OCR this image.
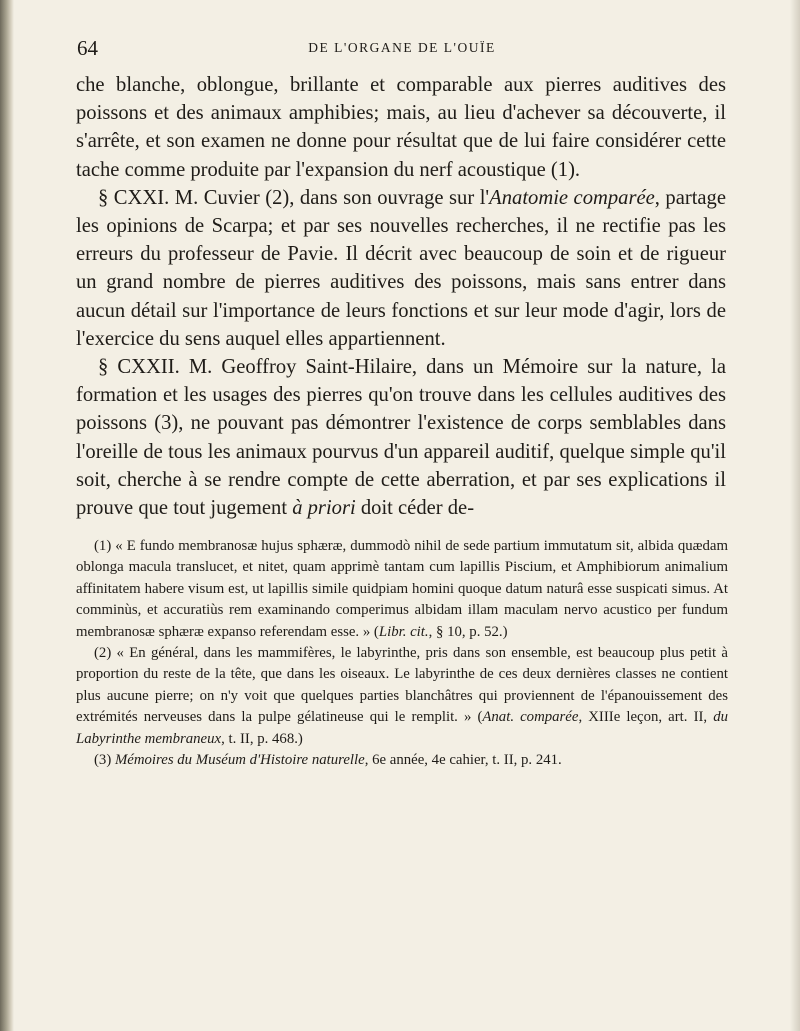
64	DE L'ORGANE DE L'OUÏE

che blanche, oblongue, brillante et comparable aux pierres auditives des poissons et des animaux amphibies; mais, au lieu d'achever sa découverte, il s'arrête, et son examen ne donne pour résultat que de lui faire considérer cette tache comme produite par l'expansion du nerf acoustique (1).

§ CXXI. M. Cuvier (2), dans son ouvrage sur l'Anatomie comparée, partage les opinions de Scarpa; et par ses nouvelles recherches, il ne rectifie pas les erreurs du professeur de Pavie. Il décrit avec beaucoup de soin et de rigueur un grand nombre de pierres auditives des poissons, mais sans entrer dans aucun détail sur l'importance de leurs fonctions et sur leur mode d'agir, lors de l'exercice du sens auquel elles appartiennent.

§ CXXII. M. Geoffroy Saint-Hilaire, dans un Mémoire sur la nature, la formation et les usages des pierres qu'on trouve dans les cellules auditives des poissons (3), ne pouvant pas démontrer l'existence de corps semblables dans l'oreille de tous les animaux pourvus d'un appareil auditif, quelque simple qu'il soit, cherche à se rendre compte de cette aberration, et par ses explications il prouve que tout jugement à priori doit céder de-

(1) « E fundo membranosæ hujus sphæræ, dummodò nihil de sede partium immutatum sit, albida quædam oblonga macula translucet, et nitet, quam apprimè tantam cum lapillis Piscium, et Amphibiorum animalium affinitatem habere visum est, ut lapillis simile quidpiam homini quoque datum naturâ esse suspicati simus. At comminùs, et accuratiùs rem examinando comperimus albidam illam maculam nervo acustico per fundum membranosæ sphæræ expanso referendam esse. » (Libr. cit., § 10, p. 52.)

(2) « En général, dans les mammifères, le labyrinthe, pris dans son ensemble, est beaucoup plus petit à proportion du reste de la tête, que dans les oiseaux. Le labyrinthe de ces deux dernières classes ne contient plus aucune pierre; on n'y voit que quelques parties blanchâtres qui proviennent de l'épanouissement des extrémités nerveuses dans la pulpe gélatineuse qui le remplit. » (Anat. comparée, XIIIe leçon, art. II, du Labyrinthe membraneux, t. II, p. 468.)

(3) Mémoires du Muséum d'Histoire naturelle, 6e année, 4e cahier, t. II, p. 241.
